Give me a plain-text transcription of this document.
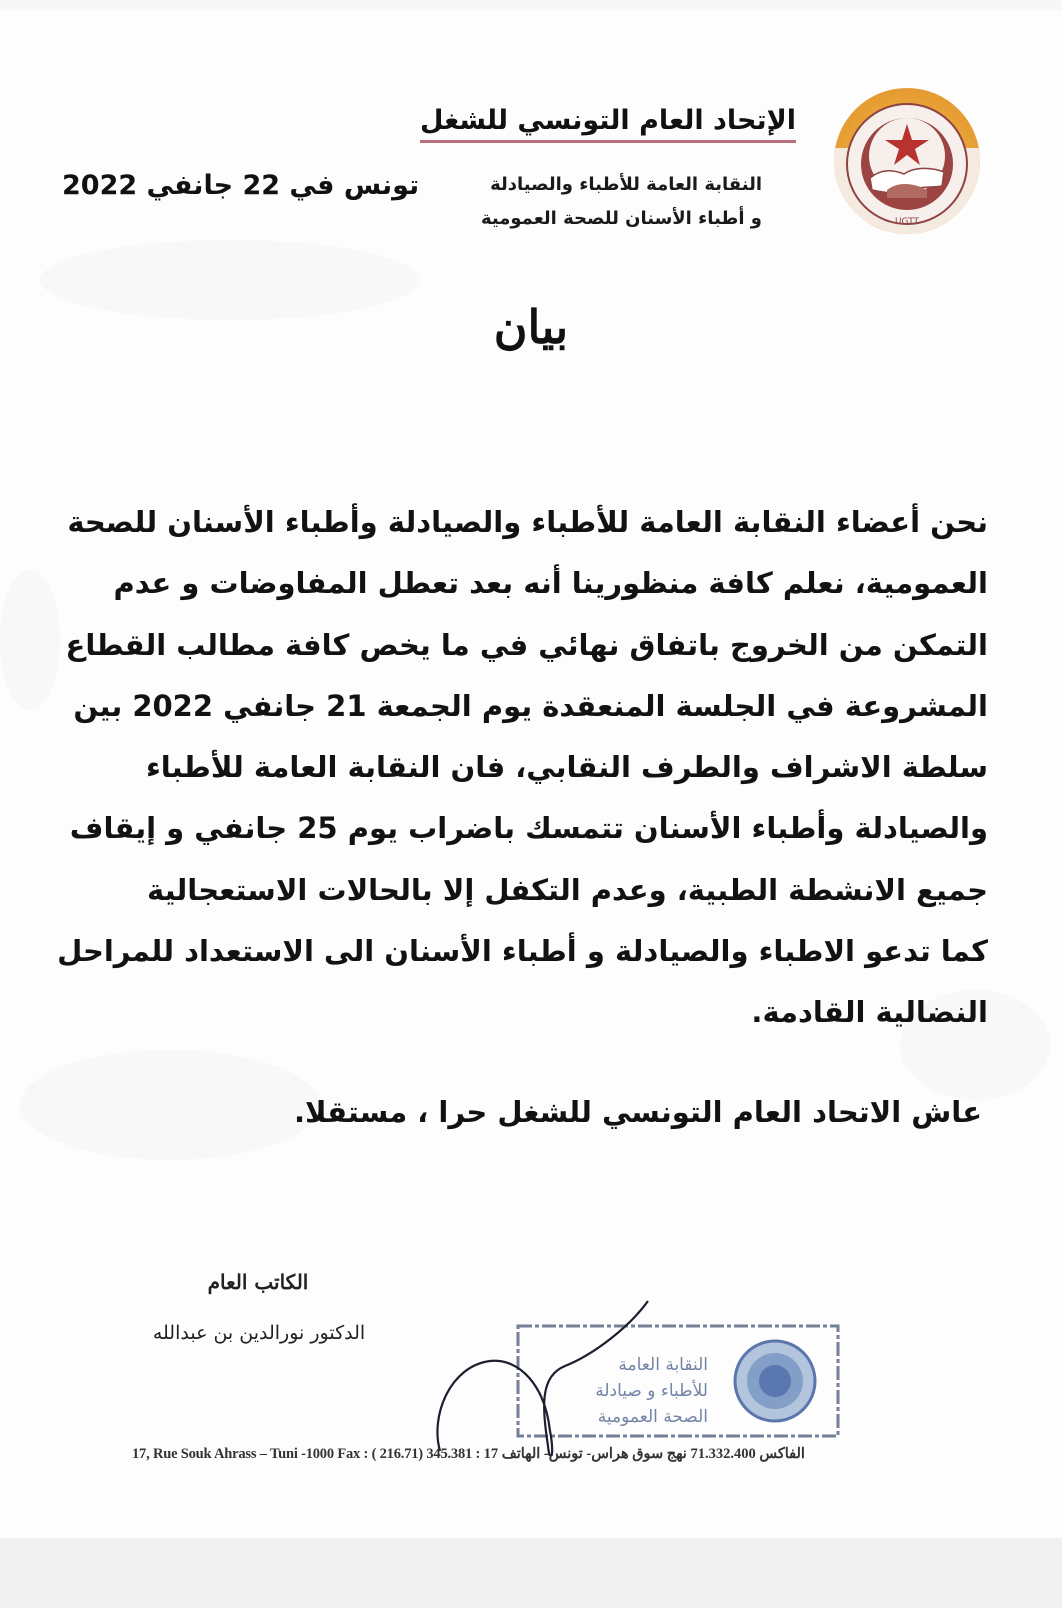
UGTT
الإتحاد العام التونسي للشغل
النقابة العامة للأطباء والصيادلة
و أطباء الأسنان للصحة العمومية
تونس في 22 جانفي 2022
بيان
نحن أعضاء النقابة العامة للأطباء والصيادلة وأطباء الأسنان للصحة
العمومية، نعلم كافة منظورينا أنه بعد تعطل المفاوضات و عدم
التمكن من الخروج باتفاق نهائي في ما يخص كافة مطالب القطاع
المشروعة في الجلسة المنعقدة يوم الجمعة 21 جانفي 2022 بين
سلطة الاشراف والطرف النقابي، فان النقابة العامة للأطباء
والصيادلة وأطباء الأسنان تتمسك باضراب يوم 25 جانفي و إيقاف
جميع الانشطة الطبية، وعدم التكفل إلا بالحالات الاستعجالية
كما تدعو الاطباء والصيادلة و أطباء الأسنان الى الاستعداد للمراحل
النضالية القادمة.
عاش الاتحاد العام التونسي للشغل حرا ، مستقلا.
الكاتب العام
الدكتور نورالدين بن عبدالله
النقابة العامة
للأطباء و صيادلة
الصحة العمومية
17, Rue Souk Ahrass – Tuni -1000 Fax : ( 216.71) 345.381 : الفاكس 71.332.400 نهج سوق هراس- تونس- الهاتف 17
